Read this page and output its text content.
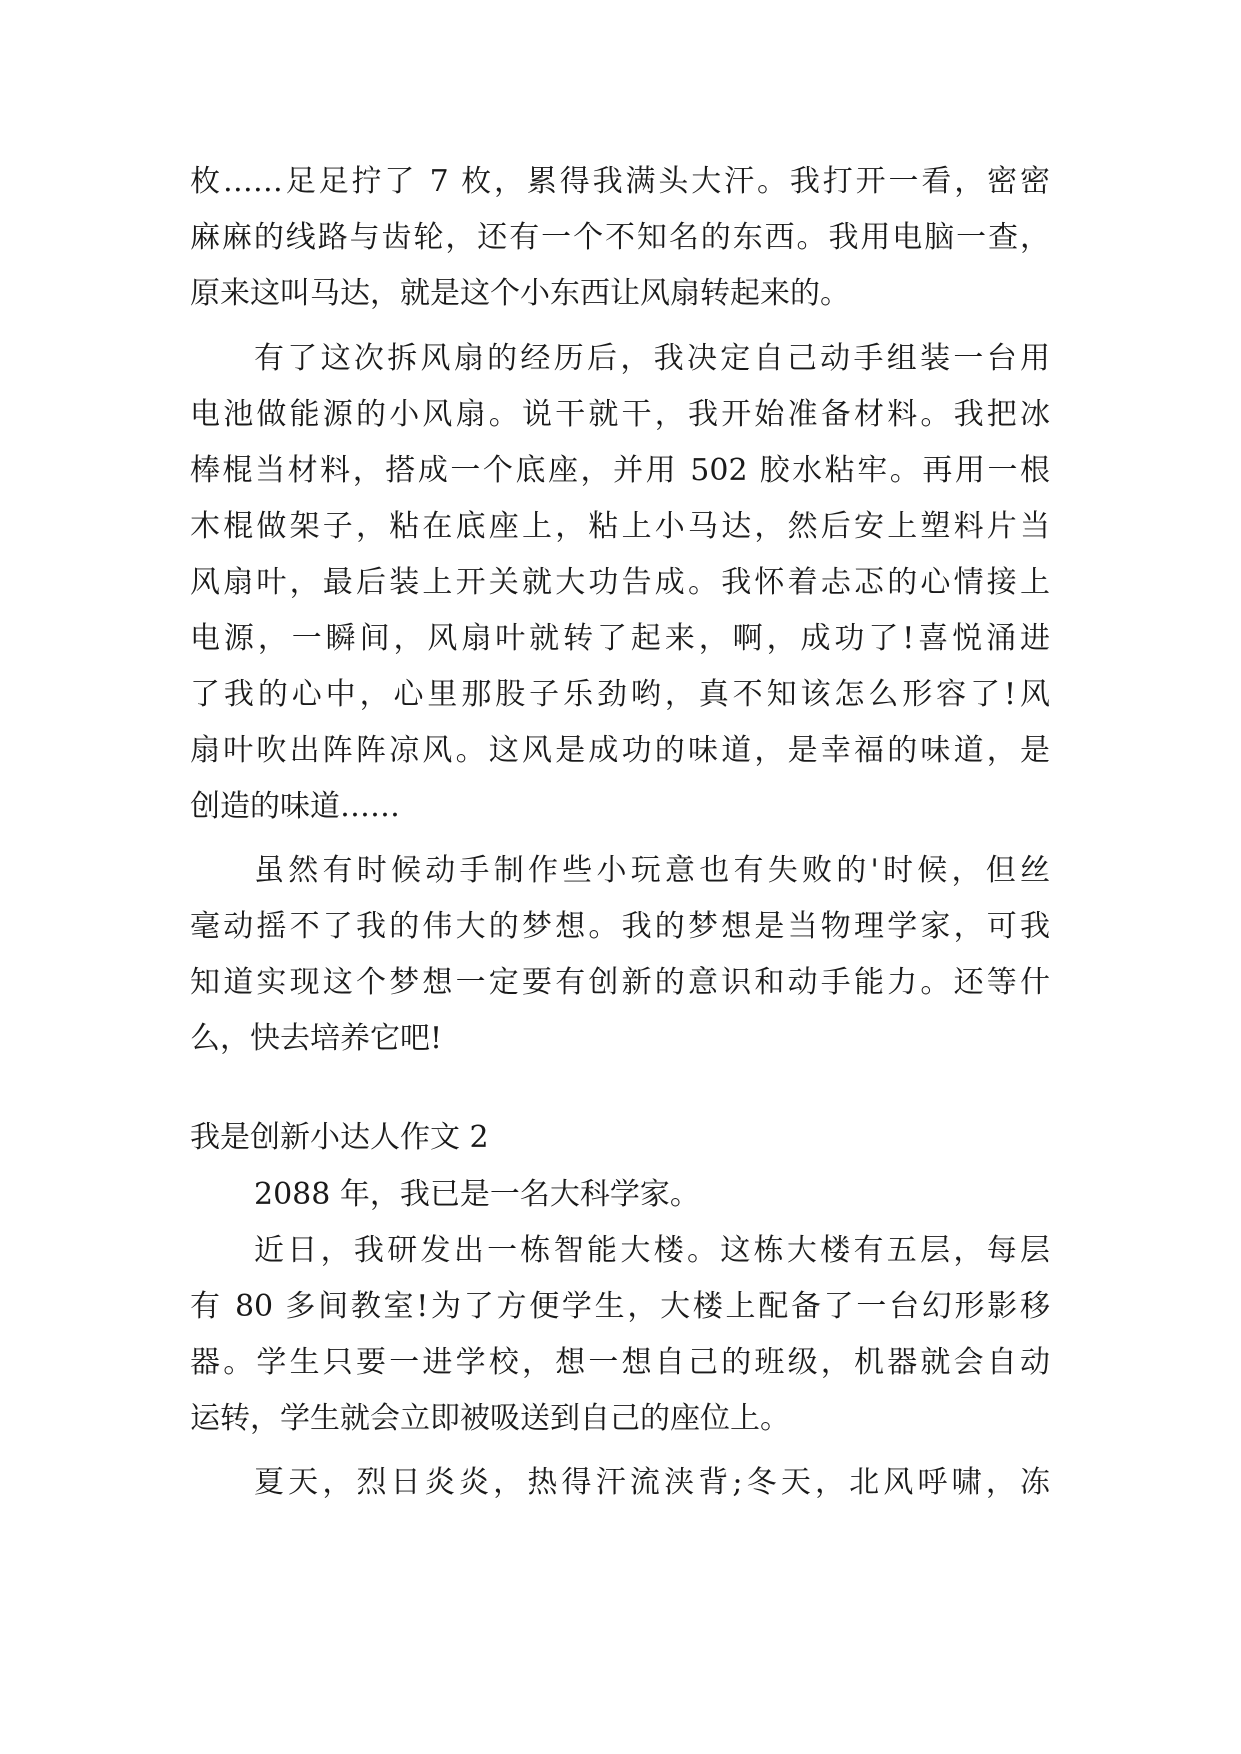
枚……足足拧了 7 枚，累得我满头大汗。我打开一看，密密
麻麻的线路与齿轮，还有一个不知名的东西。我用电脑一查，
原来这叫马达，就是这个小东西让风扇转起来的。
有了这次拆风扇的经历后，我决定自己动手组装一台用
电池做能源的小风扇。说干就干，我开始准备材料。我把冰
棒棍当材料，搭成一个底座，并用 502 胶水粘牢。再用一根
木棍做架子，粘在底座上，粘上小马达，然后安上塑料片当
风扇叶，最后装上开关就大功告成。我怀着忐忑的心情接上
电源，一瞬间，风扇叶就转了起来，啊，成功了!喜悦涌进
了我的心中，心里那股子乐劲哟，真不知该怎么形容了!风
扇叶吹出阵阵凉风。这风是成功的味道，是幸福的味道，是
创造的味道……
虽然有时候动手制作些小玩意也有失败的'时候，但丝
毫动摇不了我的伟大的梦想。我的梦想是当物理学家，可我
知道实现这个梦想一定要有创新的意识和动手能力。还等什
么，快去培养它吧!
我是创新小达人作文 2
2088 年，我已是一名大科学家。
近日，我研发出一栋智能大楼。这栋大楼有五层，每层
有 80 多间教室!为了方便学生，大楼上配备了一台幻形影移
器。学生只要一进学校，想一想自己的班级，机器就会自动
运转，学生就会立即被吸送到自己的座位上。
夏天，烈日炎炎，热得汗流浃背;冬天，北风呼啸，冻
